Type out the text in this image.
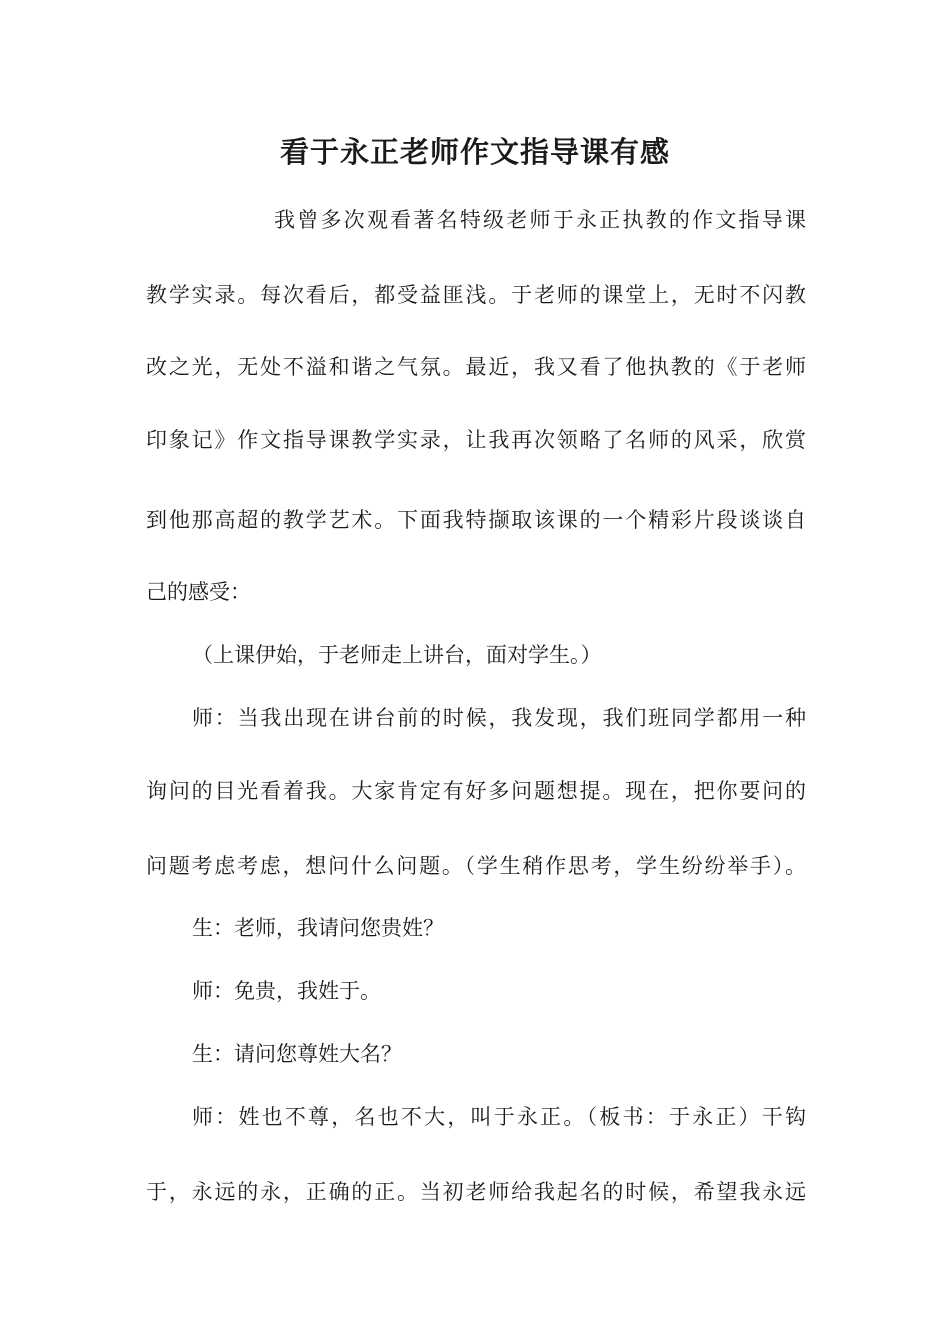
看于永正老师作文指导课有感
我曾多次观看著名特级老师于永正执教的作文指导课
教学实录。每次看后，都受益匪浅。于老师的课堂上，无时不闪教
改之光，无处不溢和谐之气氛。最近，我又看了他执教的《于老师
印象记》作文指导课教学实录，让我再次领略了名师的风采，欣赏
到他那高超的教学艺术。下面我特撷取该课的一个精彩片段谈谈自
己的感受：
（上课伊始，于老师走上讲台，面对学生。）
师：当我出现在讲台前的时候，我发现，我们班同学都用一种
询问的目光看着我。大家肯定有好多问题想提。现在，把你要问的
问题考虑考虑，想问什么问题。（学生稍作思考，学生纷纷举手）。
生：老师，我请问您贵姓？
师：免贵，我姓于。
生：请问您尊姓大名？
师：姓也不尊，名也不大，叫于永正。（板书：于永正）干钩
于，永远的永，正确的正。当初老师给我起名的时候，希望我永远
